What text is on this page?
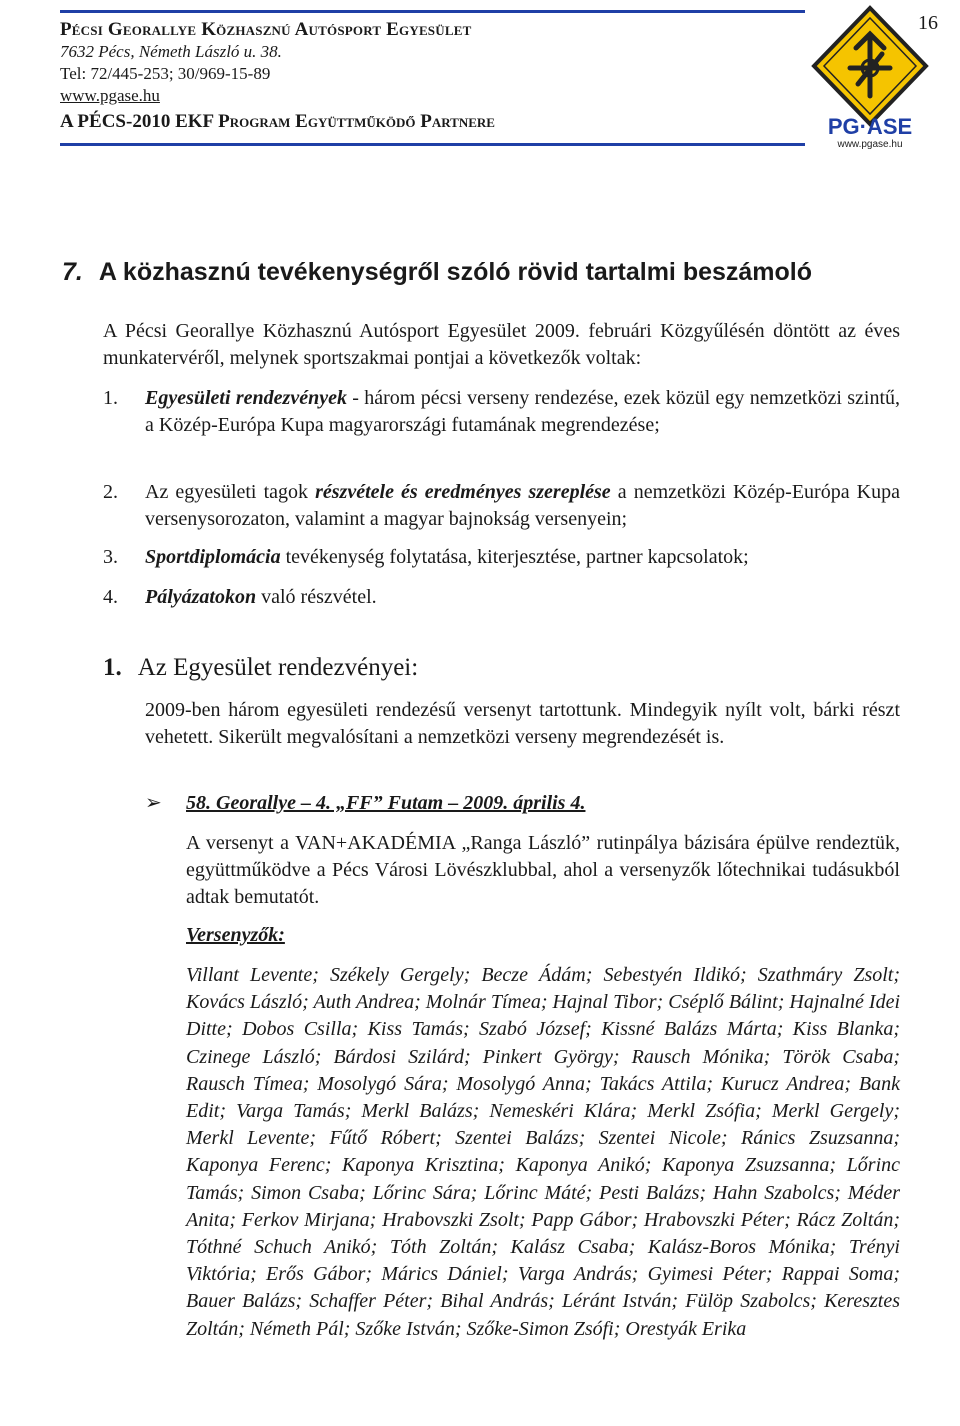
Pécsi Georallye Közhasznú Autósport Egyesület
7632 Pécs, Németh László u. 38.
Tel: 72/445-253; 30/969-15-89
www.pgase.hu
A PÉCS-2010 EKF Program Együttműködő Partnere
16
PG·ASE
www.pgase.hu
7. A közhasznú tevékenységről szóló rövid tartalmi beszámoló
A Pécsi Georallye Közhasznú Autósport Egyesület 2009. februári Közgyűlésén döntött az éves munkatervéről, melynek sportszakmai pontjai a következők voltak:
1. Egyesületi rendezvények - három pécsi verseny rendezése, ezek közül egy nemzetközi szintű, a Közép-Európa Kupa magyarországi futamának megrendezése;
2. Az egyesületi tagok részvétele és eredményes szereplése a nemzetközi Közép-Európa Kupa versenysorozaton, valamint a magyar bajnokság versenyein;
3. Sportdiplomácia tevékenység folytatása, kiterjesztése, partner kapcsolatok;
4. Pályázatokon való részvétel.
1. Az Egyesület rendezvényei:
2009-ben három egyesületi rendezésű versenyt tartottunk. Mindegyik nyílt volt, bárki részt vehetett. Sikerült megvalósítani a nemzetközi verseny megrendezését is.
➢ 58. Georallye – 4. „FF” Futam – 2009. április 4.
A versenyt a VAN+AKADÉMIA „Ranga László” rutinpálya bázisára épülve rendeztük, együttműködve a Pécs Városi Lövészklubbal, ahol a versenyzők lőtechnikai tudásukból adtak bemutatót.
Versenyzők:
Villant Levente; Székely Gergely; Becze Ádám; Sebestyén Ildikó; Szathmáry Zsolt; Kovács László; Auth Andrea; Molnár Tímea; Hajnal Tibor; Cséplő Bálint; Hajnalné Idei Ditte; Dobos Csilla; Kiss Tamás; Szabó József; Kissné Balázs Márta; Kiss Blanka; Czinege László; Bárdosi Szilárd; Pinkert György; Rausch Mónika; Török Csaba; Rausch Tímea; Mosolygó Sára; Mosolygó Anna; Takács Attila; Kurucz Andrea; Bank Edit; Varga Tamás; Merkl Balázs; Nemeskéri Klára; Merkl Zsófia; Merkl Gergely; Merkl Levente; Fűtő Róbert; Szentei Balázs; Szentei Nicole; Ránics Zsuzsanna; Kaponya Ferenc; Kaponya Krisztina; Kaponya Anikó; Kaponya Zsuzsanna; Lőrinc Tamás; Simon Csaba; Lőrinc Sára; Lőrinc Máté; Pesti Balázs; Hahn Szabolcs; Méder Anita; Ferkov Mirjana; Hrabovszki Zsolt; Papp Gábor; Hrabovszki Péter; Rácz Zoltán; Tóthné Schuch Anikó; Tóth Zoltán; Kalász Csaba; Kalász-Boros Mónika; Trényi Viktória; Erős Gábor; Márics Dániel; Varga András; Gyimesi Péter; Rappai Soma; Bauer Balázs; Schaffer Péter; Bihal András; Léránt István; Fülöp Szabolcs; Keresztes Zoltán; Németh Pál; Szőke István; Szőke-Simon Zsófi; Orestyák Erika
